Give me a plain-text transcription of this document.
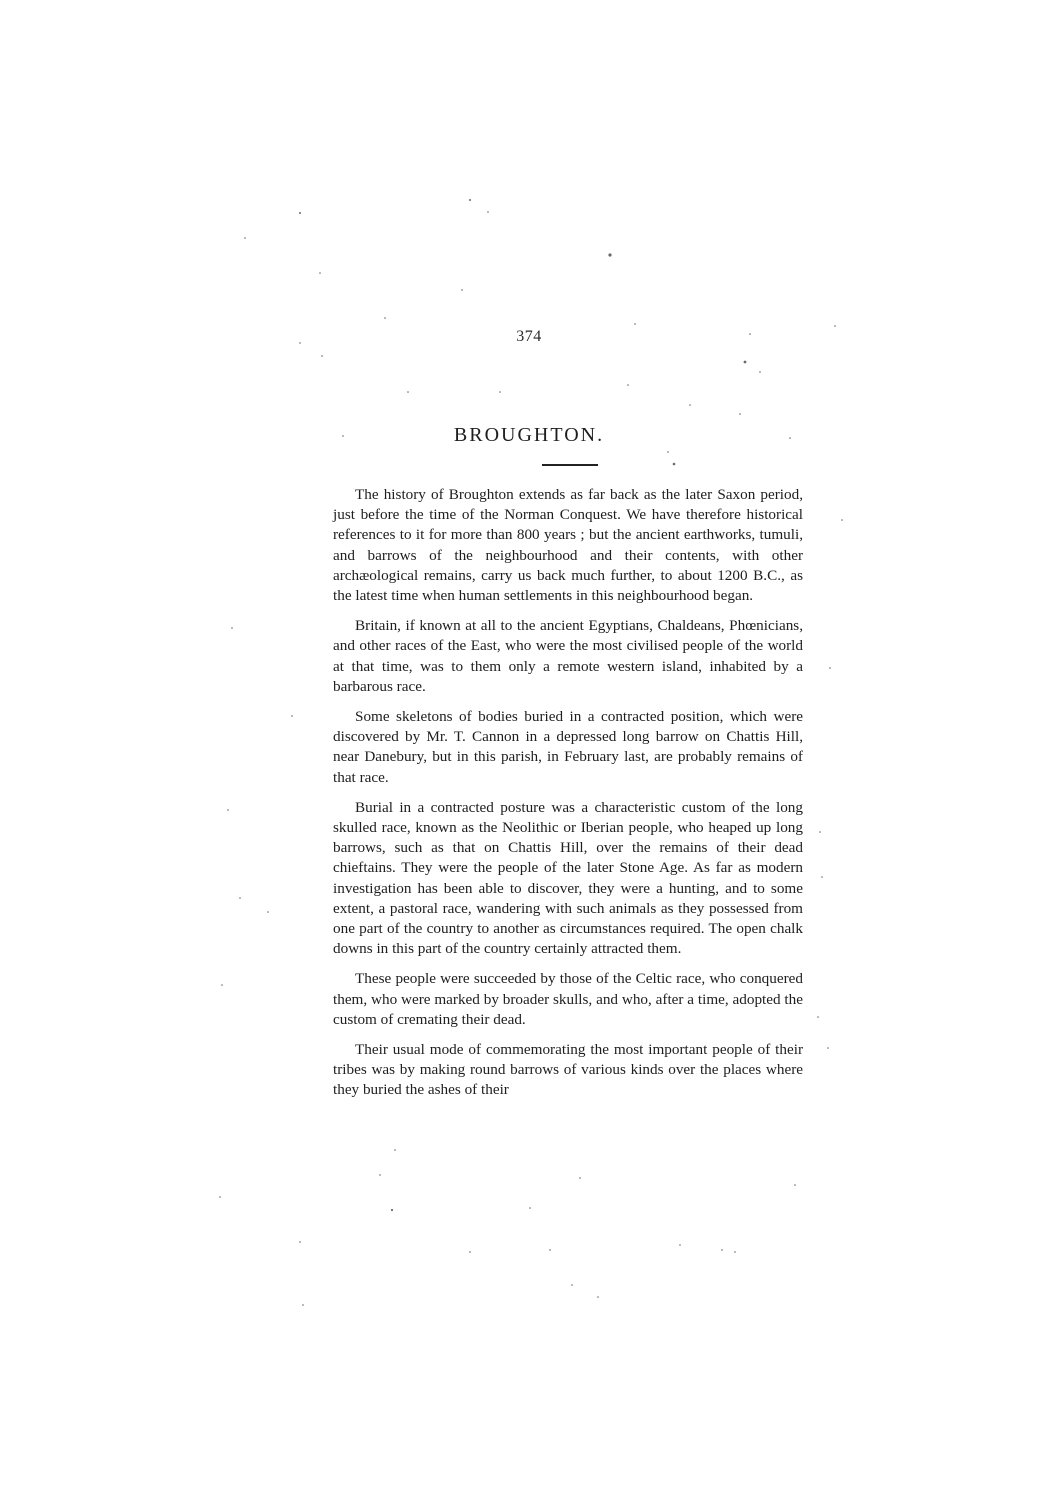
374
BROUGHTON.

The history of Broughton extends as far back as the later Saxon period, just before the time of the Norman Conquest. We have therefore historical references to it for more than 800 years ; but the ancient earthworks, tumuli, and barrows of the neighbourhood and their contents, with other archæological remains, carry us back much further, to about 1200 B.C., as the latest time when human settlements in this neighbourhood began.

Britain, if known at all to the ancient Egyptians, Chaldeans, Phœnicians, and other races of the East, who were the most civilised people of the world at that time, was to them only a remote western island, inhabited by a barbarous race.

Some skeletons of bodies buried in a contracted position, which were discovered by Mr. T. Cannon in a depressed long barrow on Chattis Hill, near Danebury, but in this parish, in February last, are probably remains of that race.

Burial in a contracted posture was a characteristic custom of the long skulled race, known as the Neolithic or Iberian people, who heaped up long barrows, such as that on Chattis Hill, over the remains of their dead chieftains. They were the people of the later Stone Age. As far as modern investigation has been able to discover, they were a hunting, and to some extent, a pastoral race, wandering with such animals as they possessed from one part of the country to another as circumstances required. The open chalk downs in this part of the country certainly attracted them.

These people were succeeded by those of the Celtic race, who conquered them, who were marked by broader skulls, and who, after a time, adopted the custom of cremating their dead.

Their usual mode of commemorating the most important people of their tribes was by making round barrows of various kinds over the places where they buried the ashes of their
